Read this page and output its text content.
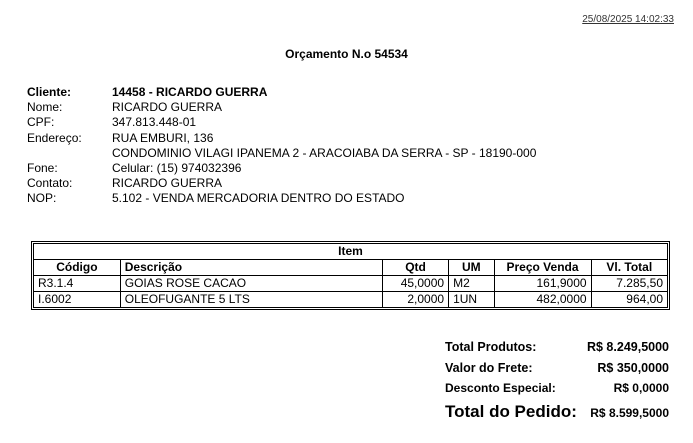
25/08/2025 14:02:33
Orçamento N.o 54534
Cliente:	14458 - RICARDO GUERRA
Nome:	RICARDO GUERRA
CPF:	347.813.448-01
Endereço:	RUA EMBURI, 136
CONDOMINIO VILAGI IPANEMA 2 - ARACOIABA DA SERRA - SP - 18190-000
Fone:	Celular: (15) 974032396
Contato:	RICARDO GUERRA
NOP:	5.102 - VENDA MERCADORIA DENTRO DO ESTADO
Item					
Código	Descrição	Qtd	UM	Preço Venda	Vl. Total
R3.1.4	GOIAS ROSE CACAO	45,0000	M2	161,9000	7.285,50
I.6002	OLEOFUGANTE 5 LTS	2,0000	1UN	482,0000	964,00
Total Produtos:	R$ 8.249,5000
Valor do Frete:	R$ 350,0000
Desconto Especial:	R$ 0,0000
Total do Pedido: R$ 8.599,5000
